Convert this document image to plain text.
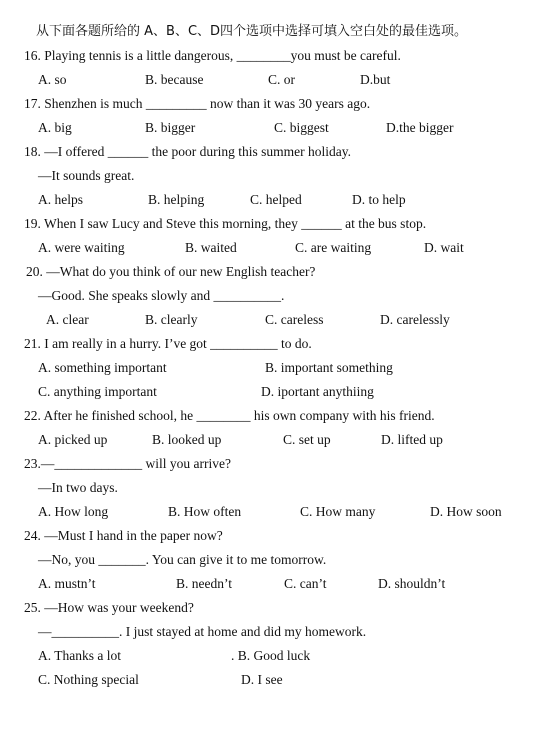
从下面各题所给的 A、B、C、D四个选项中选择可填入空白处的最佳选项。
16. Playing tennis is a little dangerous, ________you must be careful.
A. so	B. because	C. or	D.but
17. Shenzhen is much _________ now than it was 30 years ago.
A. big	B. bigger	C. biggest	D.the bigger
18. —I offered ______ the poor during this summer holiday.
—It sounds great.
A. helps	B. helping	C. helped	D. to help
19. When I saw Lucy and Steve this morning, they ______ at the bus stop.
A. were waiting	B. waited	C. are waiting	D. wait
20. —What do you think of our new English teacher?
—Good. She speaks slowly and __________.
A. clear	B. clearly	C. careless	D. carelessly
21. I am really in a hurry. I’ve got __________ to do.
A. something important	B. important something
C. anything important	D. iportant anythiing
22. After he finished school, he ________ his own company with his friend.
A. picked up	B. looked up	C. set up	D. lifted up
23.—_____________ will you arrive?
—In two days.
A. How long	B. How often	C. How many	D. How soon
24. —Must I hand in the paper now?
—No, you _______. You can give it to me tomorrow.
A. mustn’t	B. needn’t	C. can’t	D. shouldn’t
25. —How was your weekend?
—__________. I just stayed at home and did my homework.
A. Thanks a lot	. B. Good luck
C. Nothing special	D. I see
